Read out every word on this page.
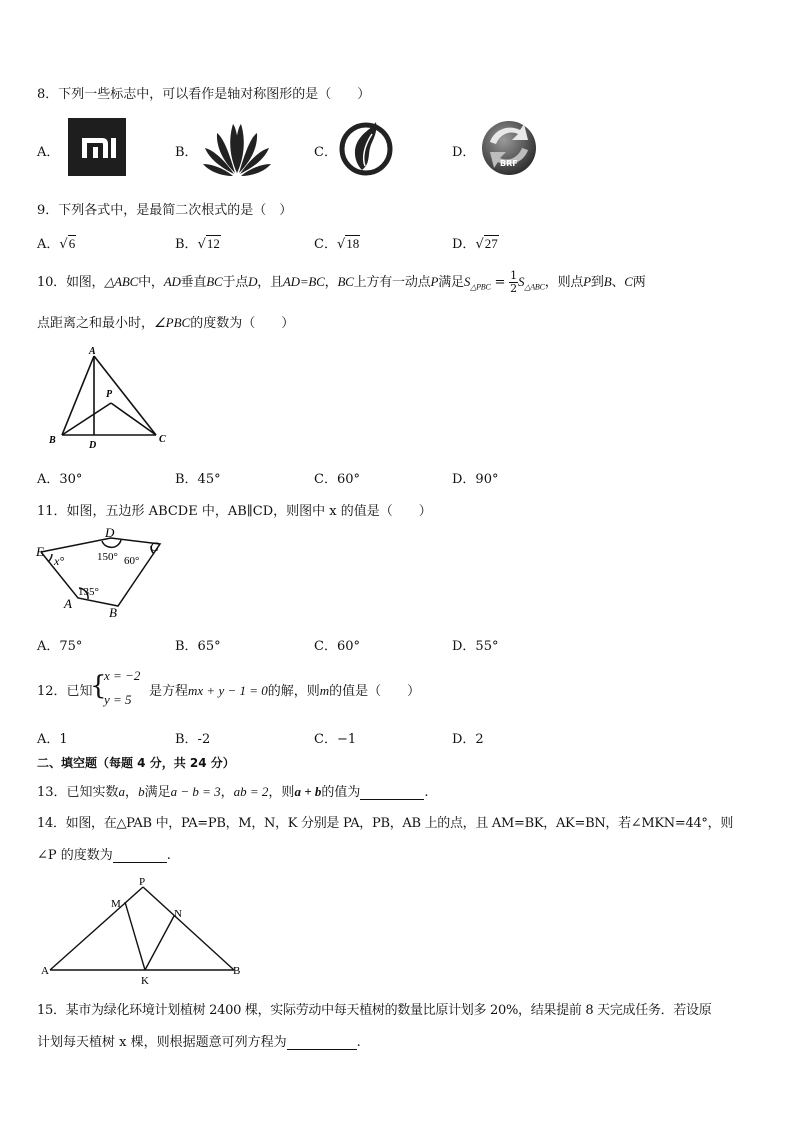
8．下列一些标志中，可以看作是轴对称图形的是（　　）
A．	B．	C．	D．
BRF
9．下列各式中，是最简二次根式的是（　）
A．√6	B．√12	C．√18	D．√27
10．如图，△ABC中，AD垂直BC于点D，且AD=BC，BC上方有一动点P满足$S_{\triangle PBC} = \frac{1}{2} S_{\triangle ABC}$，则点P到B、C两
点距离之和最小时，∠PBC的度数为（　　）
A
P
B	D
C
A．30°	B．45°	C．60°	D．90°
11．如图，五边形 ABCDE 中，AB∥CD，则图中 x 的值是（　　）
E
D
C
A
B
x°	150° 60°
135°
A．75°	B．65°	C．60°	D．55°
12．已知
{
x = −2
y = 5
是方程mx + y − 1 = 0的解，则m的值是（　　）
A．1	B．-2	C．−1	D．2
二、填空题（每题 4 分，共 24 分）
13．已知实数a，b满足a − b = 3，ab = 2，则a + b的值为	.
14．如图，在△PAB 中，PA=PB，M，N，K 分别是 PA，PB，AB 上的点，且 AM=BK，AK=BN，若∠MKN=44°，则
∠P 的度数为	.
P
M
N
A
K
B
15．某市为绿化环境计划植树 2400 棵，实际劳动中每天植树的数量比原计划多 20%，结果提前 8 天完成任务．若设原
计划每天植树 x 棵，则根据题意可列方程为	.
